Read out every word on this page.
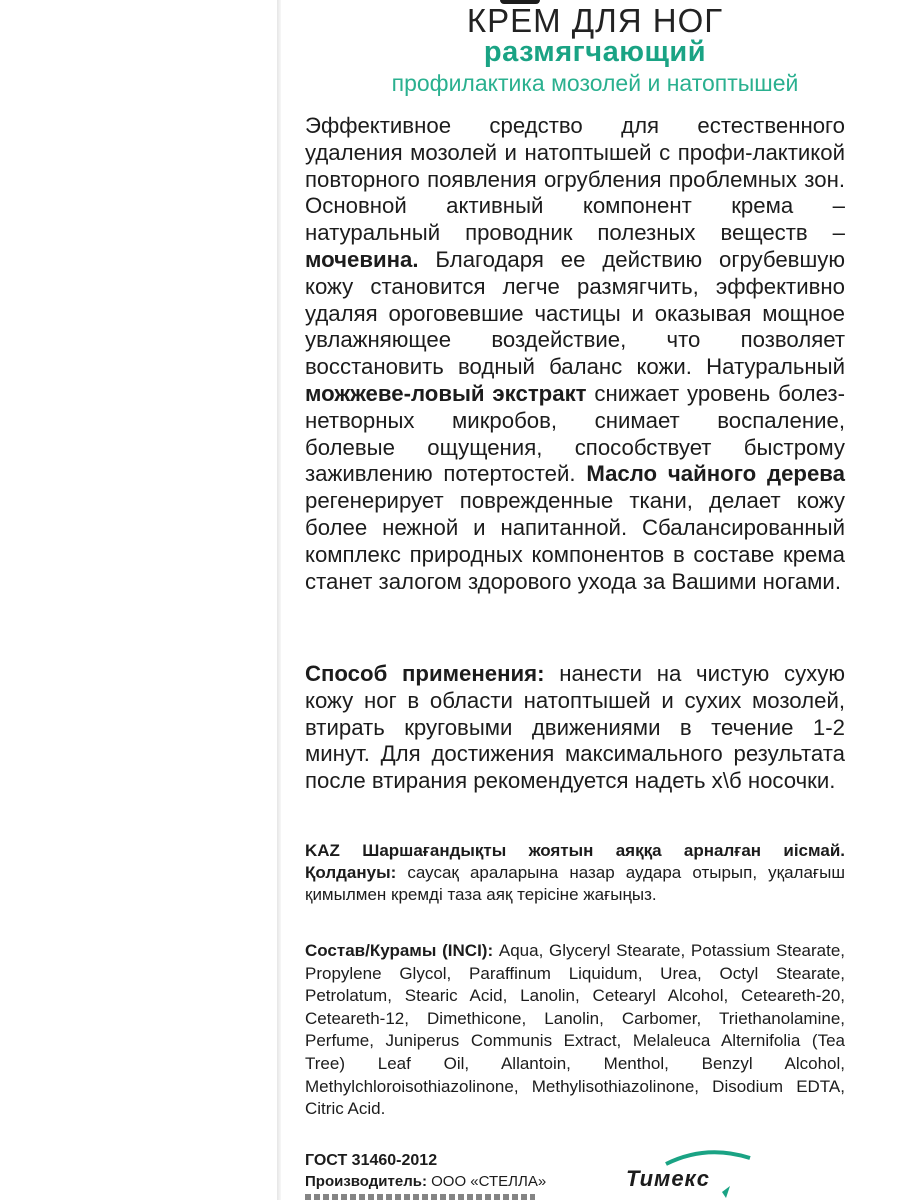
КРЕМ ДЛЯ НОГ
размягчающий
профилактика мозолей и натоптышей

Эффективное средство для естественного удаления мозолей и натоптышей с профи-лактикой повторного появления огрубления проблемных зон. Основной активный компонент крема – натуральный проводник полезных веществ – мочевина. Благодаря ее действию огрубевшую кожу становится легче размягчить, эффективно удаляя ороговевшие частицы и оказывая мощное увлажняющее воздействие, что позволяет восстановить водный баланс кожи. Натуральный можжеве-ловый экстракт снижает уровень болез-нетворных микробов, снимает воспаление, болевые ощущения, способствует быстрому заживлению потертостей. Масло чайного дерева регенерирует поврежденные ткани, делает кожу более нежной и напитанной. Сбалансированный комплекс природных компонентов в составе крема станет залогом здорового ухода за Вашими ногами.

Способ применения: нанести на чистую сухую кожу ног в области натоптышей и сухих мозолей, втирать круговыми движениями в течение 1-2 минут. Для достижения максимального результата после втирания рекомендуется надеть х\б носочки.

KAZ Шаршағандықты жоятын аяққа арналған иісмай. Қолдануы: саусақ араларына назар аудара отырып, уқалағыш қимылмен кремді таза аяқ терісіне жағыңыз.

Состав/Курамы (INCI): Aqua, Glyceryl Stearate, Potassium Stearate, Propylene Glycol, Paraffinum Liquidum, Urea, Octyl Stearate, Petrolatum, Stearic Acid, Lanolin, Cetearyl Alcohol, Ceteareth-20, Ceteareth-12, Dimethicone, Lanolin, Carbomer, Triethanolamine, Perfume, Juniperus Communis Extract, Melaleuca Alternifolia (Tea Tree) Leaf Oil, Allantoin, Menthol, Benzyl Alcohol, Methylchloroisothiazolinone, Methylisothiazolinone, Disodium EDTA, Citric Acid.

ГОСТ 31460-2012

Производитель: ООО «СТЕЛЛА»	Тимекс
